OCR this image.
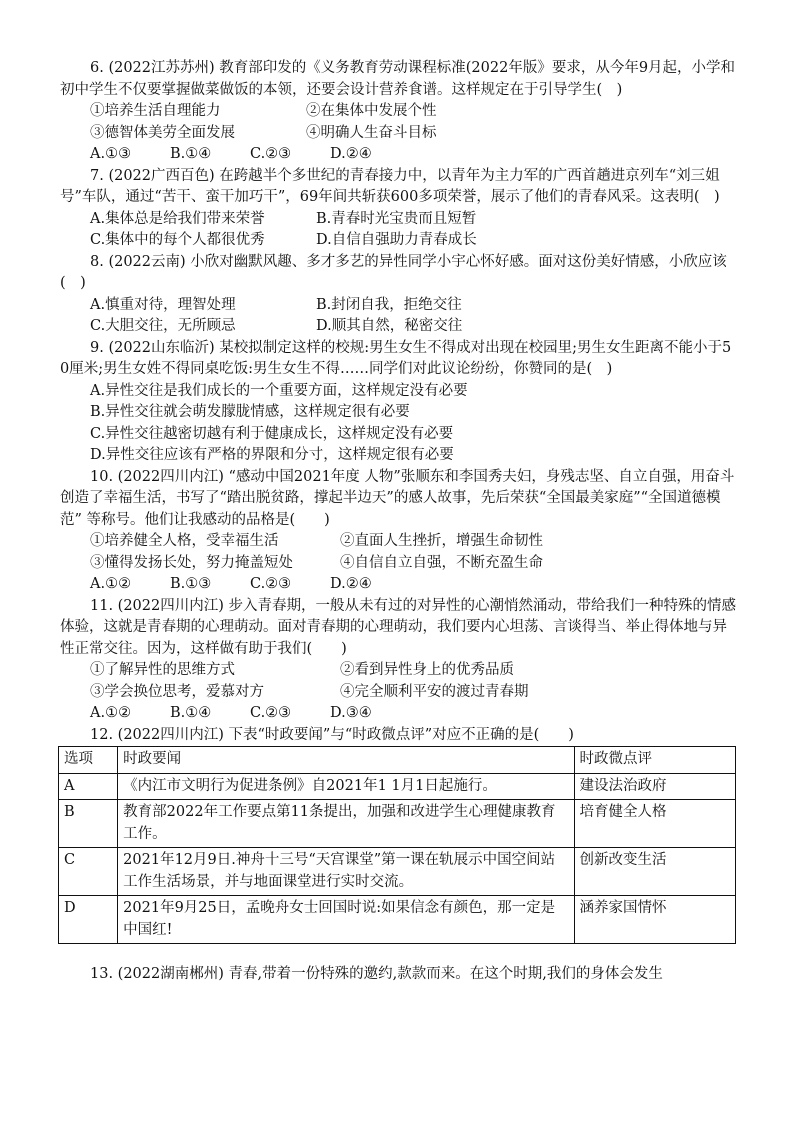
6. (2022江苏苏州) 教育部印发的《义务教育劳动课程标准(2022年版》要求，从今年9月起，小学和初中学生不仅要掌握做菜做饭的本领，还要会设计营养食谱。这样规定在于引导学生(　)

①培养生活自理能力	②在集体中发展个性
③德智体美劳全面发展	④明确人生奋斗目标
A.①③	B.①④	C.②③	D.②④

7. (2022广西百色) 在跨越半个多世纪的青春接力中，以青年为主力军的广西首趟进京列车“刘三姐号”车队，通过“苦干、蛮干加巧干”，69年间共斩获600多项荣誉，展示了他们的青春风采。这表明(　)

A.集体总是给我们带来荣誉	B.青春时光宝贵而且短暂
C.集体中的每个人都很优秀	D.自信自强助力青春成长

8. (2022云南) 小欣对幽默风趣、多才多艺的异性同学小宇心怀好感。面对这份美好情感，小欣应该(　)

A.慎重对待，理智处理	B.封闭自我，拒绝交往
C.大胆交往，无所顾忌	D.顺其自然，秘密交往

9. (2022山东临沂) 某校拟制定这样的校规:男生女生不得成对出现在校园里;男生女生距离不能小于50厘米;男生女姓不得同桌吃饭:男生女生不得……同学们对此议论纷纷，你赞同的是(　)

A.异性交往是我们成长的一个重要方面，这样规定没有必要

B.异性交往就会萌发朦胧情感，这样规定很有必要

C.异性交往越密切越有利于健康成长，这样规定没有必要

D.异性交往应该有严格的界限和分寸，这样规定很有必要

10. (2022四川内江) “感动中国2021年度 人物”张顺东和李国秀夫妇，身残志坚、自立自强，用奋斗创造了幸福生活，书写了“踏出脱贫路，撑起半边天”的感人故事，先后荣获“全国最美家庭”“全国道德模范” 等称号。他们让我感动的品格是(　　)

①培养健全人格，受幸福生活	②直面人生挫折，增强生命韧性
③懂得发扬长处，努力掩盖短处	④自信自立自强，不断充盈生命
A.①②	B.①③	C.②③	D.②④

11. (2022四川内江) 步入青春期，一般从未有过的对异性的心潮悄然涌动，带给我们一种特殊的情感体验，这就是青春期的心理萌动。面对青春期的心理萌动，我们要内心坦荡、言谈得当、举止得体地与异性正常交往。因为，这样做有助于我们(　　)

①了解异性的思维方式	②看到异性身上的优秀品质
③学会换位思考，爱慕对方	④完全顺利平安的渡过青春期
A.①②	B.①④	C.②③	D.③④

12. (2022四川内江) 下表“时政要闻”与“时政微点评”对应不正确的是(　　)

选项	时政要闻	时政微点评
A	《内江市文明行为促进条例》自2021年1 1月1日起施行。	建设法治政府
B	教育部2022年工作要点第11条提出，加强和改进学生心理健康教育工作。	培育健全人格
C	2021年12月9日.神舟十三号“天宫课堂”第一课在轨展示中国空间站工作生活场景，并与地面课堂进行实时交流。	创新改变生活
D	2021年9月25日，孟晚舟女士回国时说:如果信念有颜色，那一定是中国红!	涵养家国情怀

13. (2022湖南郴州) 青春,带着一份特殊的邀约,款款而来。在这个时期,我们的身体会发生
